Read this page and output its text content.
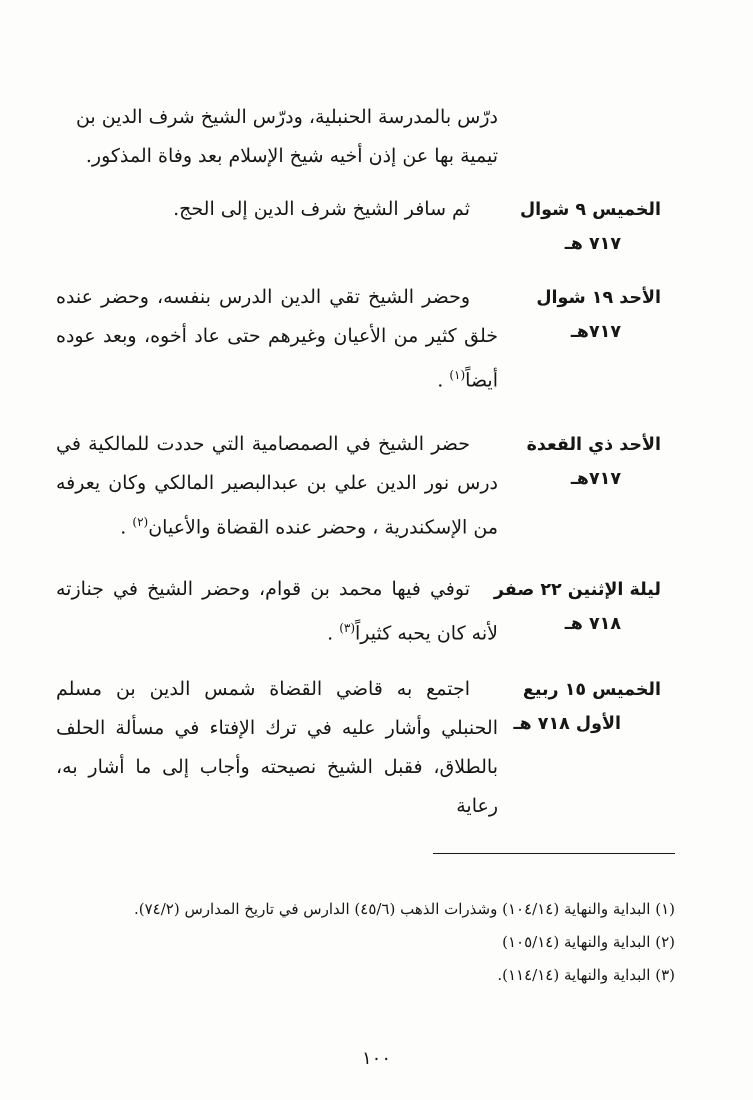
درّس بالمدرسة الحنبلية، ودرّس الشيخ شرف الدين بن

تيمية بها عن إذن أخيه شيخ الإسلام بعد وفاة المذكور.

الخميس ٩ شوال
٧١٧ هـ

ثم سافر الشيخ شرف الدين إلى الحج.

الأحد ١٩ شوال
٧١٧هـ

وحضر الشيخ تقي الدين الدرس بنفسه، وحضر عنده خلق كثير من الأعيان وغيرهم حتى عاد أخوه، وبعد عوده أيضاً$^{(١)}$ .

الأحد ذي القعدة
٧١٧هـ

حضر الشيخ في الصمصامية التي حددت للمالكية في درس نور الدين علي بن عبدالبصير المالكي وكان يعرفه من الإسكندرية ، وحضر عنده القضاة والأعيان$^{(٢)}$ .

ليلة الإثنين ٢٢ صفر
٧١٨ هـ

توفي فيها محمد بن قوام، وحضر الشيخ في جنازته لأنه كان يحبه كثيراً$^{(٣)}$ .

الخميس ١٥ ربيع
الأول ٧١٨ هـ

اجتمع به قاضي القضاة شمس الدين بن مسلم الحنبلي وأشار عليه في ترك الإفتاء في مسألة الحلف بالطلاق، فقبل الشيخ نصيحته وأجاب إلى ما أشار به، رعاية

(١) البداية والنهاية (١٠٤/١٤) وشذرات الذهب (٤٥/٦) الدارس في تاريخ المدارس (٧٤/٢).
(٢) البداية والنهاية (١٠٥/١٤)
(٣) البداية والنهاية (١١٤/١٤).
١٠٠
